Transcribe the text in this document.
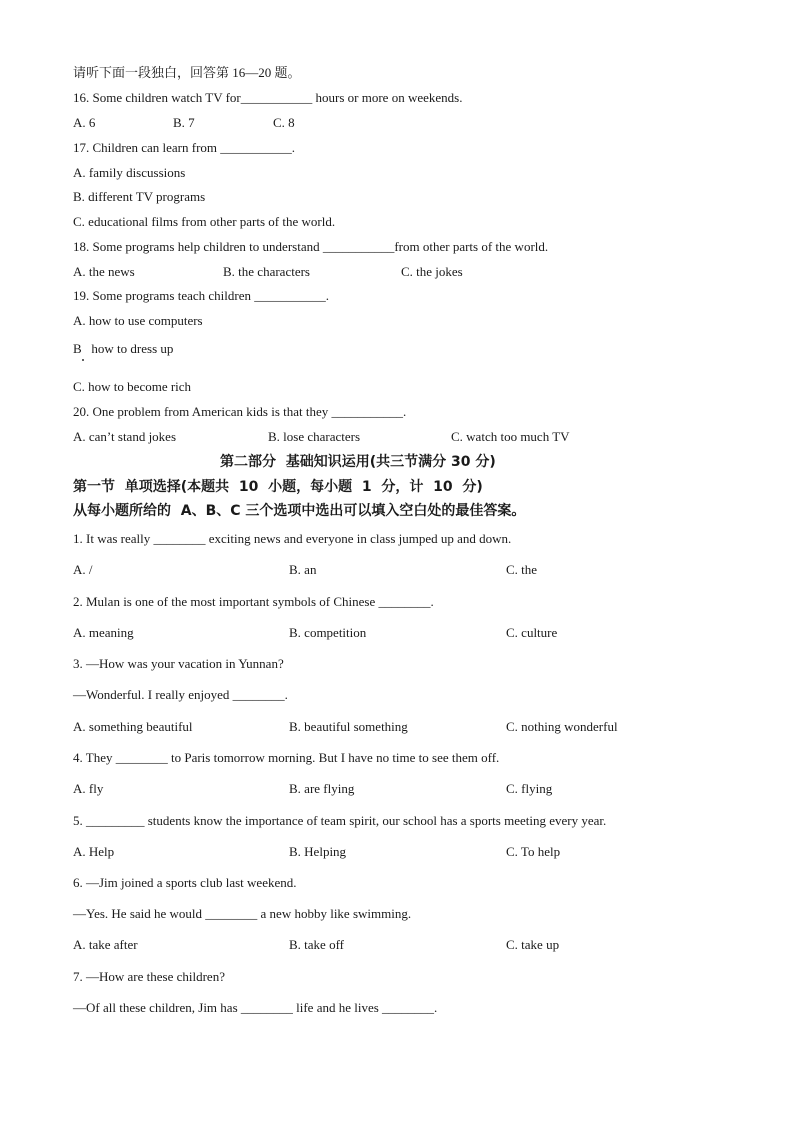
请听下面一段独白，回答第 16—20 题。
16. Some children watch TV for___________ hours or more on weekends.
A. 6	B. 7	C. 8
17. Children can learn from ___________.
A. family discussions
B. different TV programs
C. educational films from other parts of the world.
18. Some programs help children to understand ___________from other parts of the world.
A. the news	B. the characters	C. the jokes
19. Some programs teach children ___________.
A. how to use computers
B   how to dress up
C. how to become rich
20. One problem from American kids is that they ___________.
A. can’t stand jokes	B. lose characters	C. watch too much TV
第二部分  基础知识运用(共三节满分 30 分)
第一节  单项选择(本题共  10  小题，每小题  1  分，计  10  分)
从每小题所给的  A、B、C 三个选项中选出可以填入空白处的最佳答案。
1. It was really ________ exciting news and everyone in class jumped up and down.
A. /	B. an	C. the
2. Mulan is one of the most important symbols of Chinese ________.
A. meaning	B. competition	C. culture
3. —How was your vacation in Yunnan?
—Wonderful. I really enjoyed ________.
A. something beautiful	B. beautiful something	C. nothing wonderful
4. They ________ to Paris tomorrow morning. But I have no time to see them off.
A. fly	B. are flying	C. flying
5. _________ students know the importance of team spirit, our school has a sports meeting every year.
A. Help	B. Helping	C. To help
6. —Jim joined a sports club last weekend.
—Yes. He said he would ________ a new hobby like swimming.
A. take after	B. take off	C. take up
7. —How are these children?
—Of all these children, Jim has ________ life and he lives ________.
